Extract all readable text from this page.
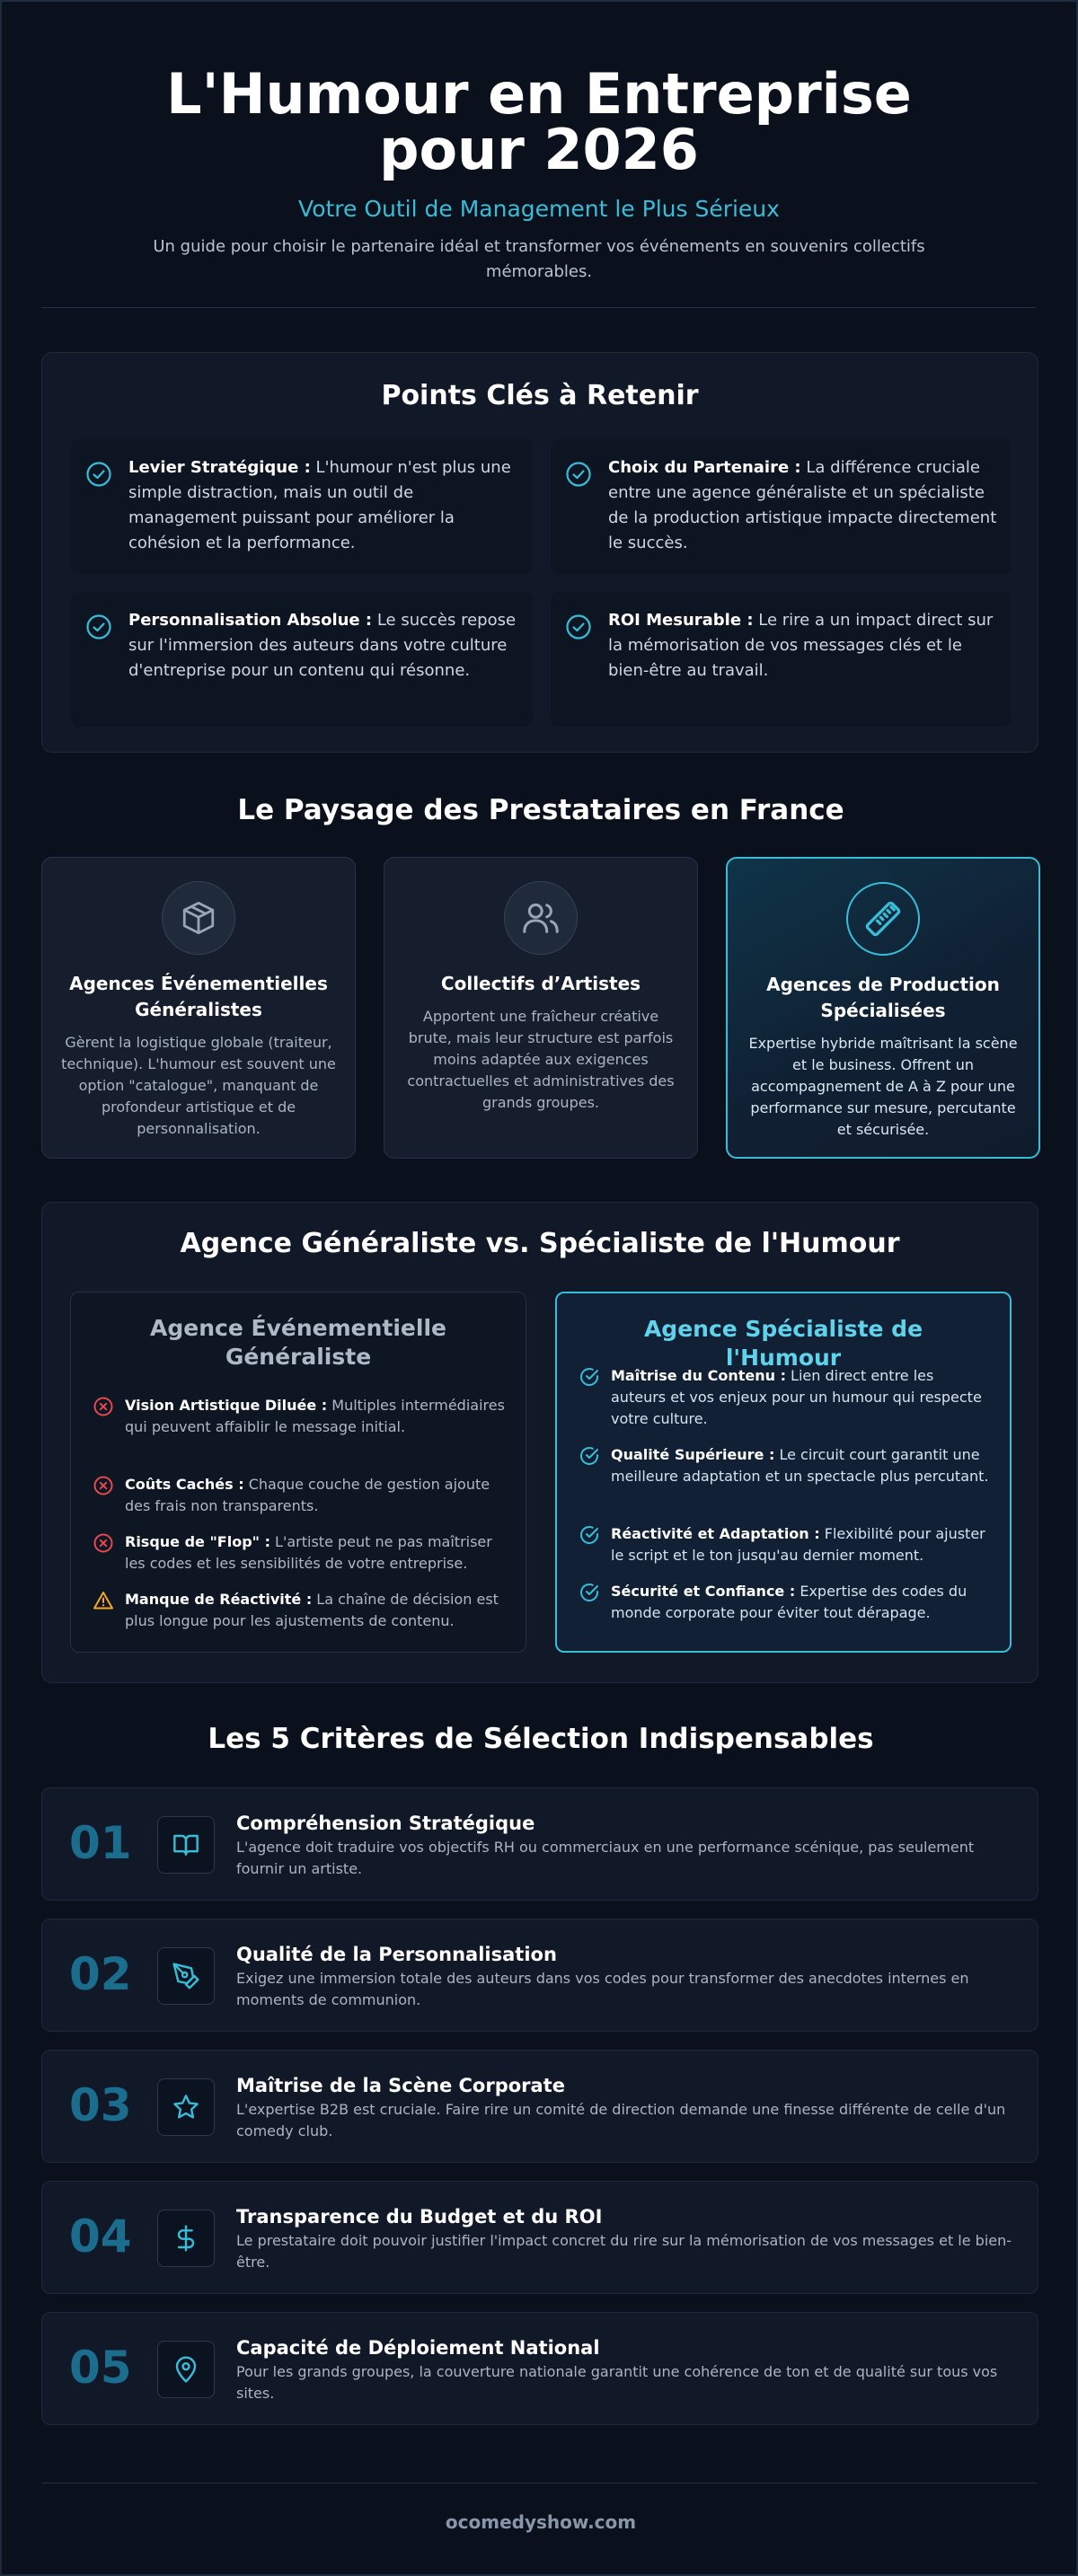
L'Humour en Entreprise pour 2026
Votre Outil de Management le Plus Sérieux
Un guide pour choisir le partenaire idéal et transformer vos événements en souvenirs collectifs mémorables.
Points Clés à Retenir
Levier Stratégique : L'humour n'est plus une simple distraction, mais un outil de management puissant pour améliorer la cohésion et la performance.
Choix du Partenaire : La différence cruciale entre une agence généraliste et un spécialiste de la production artistique impacte directement le succès.
Personnalisation Absolue : Le succès repose sur l'immersion des auteurs dans votre culture d'entreprise pour un contenu qui résonne.
ROI Mesurable : Le rire a un impact direct sur la mémorisation de vos messages clés et le bien-être au travail.
Le Paysage des Prestataires en France
Agences Événementielles Généralistes
Gèrent la logistique globale (traiteur, technique). L'humour est souvent une option "catalogue", manquant de profondeur artistique et de personnalisation.
Collectifs d’Artistes
Apportent une fraîcheur créative brute, mais leur structure est parfois moins adaptée aux exigences contractuelles et administratives des grands groupes.
Agences de Production Spécialisées
Expertise hybride maîtrisant la scène et le business. Offrent un accompagnement de A à Z pour une performance sur mesure, percutante et sécurisée.
Agence Généraliste vs. Spécialiste de l'Humour
Agence Événementielle Généraliste
Vision Artistique Diluée : Multiples intermédiaires qui peuvent affaiblir le message initial.
Coûts Cachés : Chaque couche de gestion ajoute des frais non transparents.
Risque de "Flop" : L'artiste peut ne pas maîtriser les codes et les sensibilités de votre entreprise.
Manque de Réactivité : La chaîne de décision est plus longue pour les ajustements de contenu.
Agence Spécialiste de l'Humour
Maîtrise du Contenu : Lien direct entre les auteurs et vos enjeux pour un humour qui respecte votre culture.
Qualité Supérieure : Le circuit court garantit une meilleure adaptation et un spectacle plus percutant.
Réactivité et Adaptation : Flexibilité pour ajuster le script et le ton jusqu'au dernier moment.
Sécurité et Confiance : Expertise des codes du monde corporate pour éviter tout dérapage.
Les 5 Critères de Sélection Indispensables
01	Compréhension Stratégique
L'agence doit traduire vos objectifs RH ou commerciaux en une performance scénique, pas seulement fournir un artiste.
02	Qualité de la Personnalisation
Exigez une immersion totale des auteurs dans vos codes pour transformer des anecdotes internes en moments de communion.
03	Maîtrise de la Scène Corporate
L'expertise B2B est cruciale. Faire rire un comité de direction demande une finesse différente de celle d'un comedy club.
04	Transparence du Budget et du ROI
Le prestataire doit pouvoir justifier l'impact concret du rire sur la mémorisation de vos messages et le bien-être.
05	Capacité de Déploiement National
Pour les grands groupes, la couverture nationale garantit une cohérence de ton et de qualité sur tous vos sites.
ocomedyshow.com
